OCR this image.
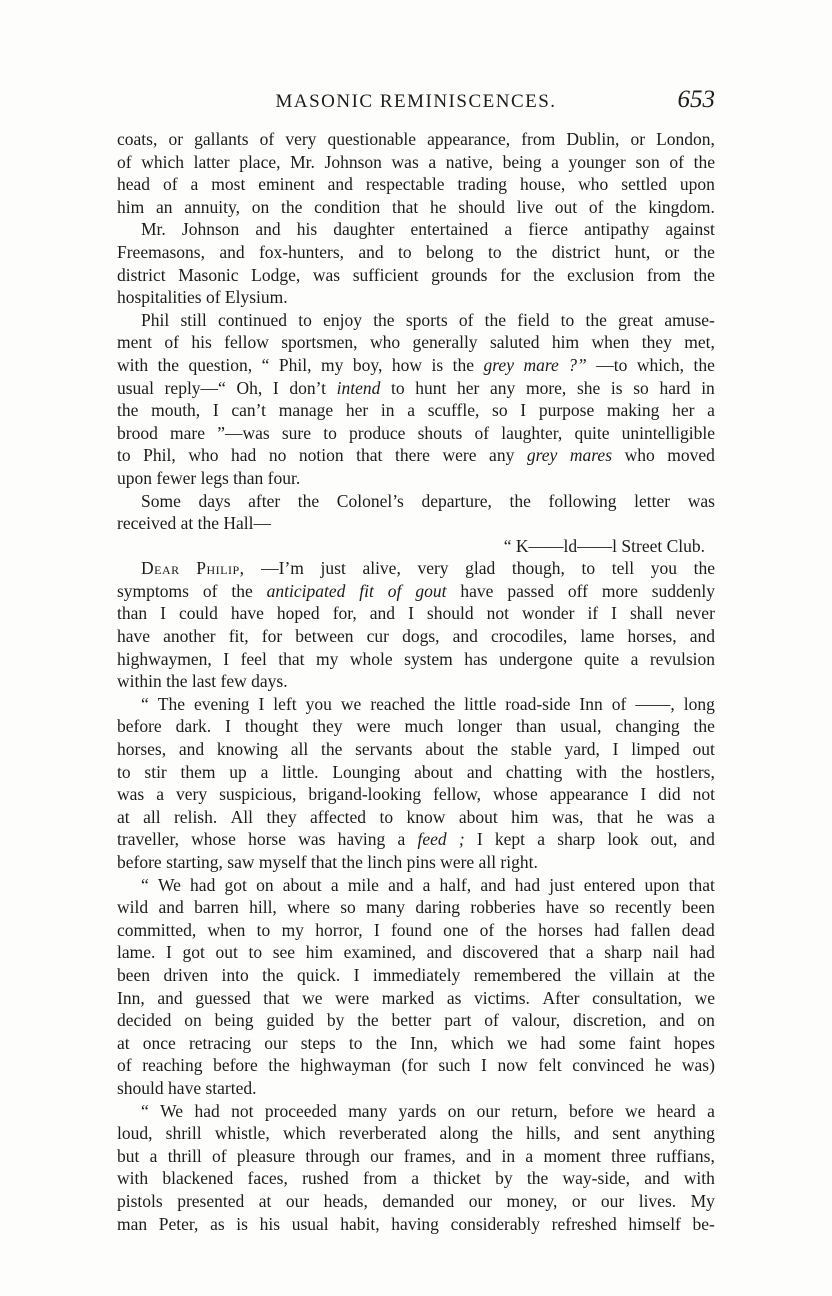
MASONIC REMINISCENCES.	653
coats, or gallants of very questionable appearance, from Dublin, or London,
of which latter place, Mr. Johnson was a native, being a younger son of the
head of a most eminent and respectable trading house, who settled upon
him an annuity, on the condition that he should live out of the kingdom.
Mr. Johnson and his daughter entertained a fierce antipathy against
Freemasons, and fox-hunters, and to belong to the district hunt, or the
district Masonic Lodge, was sufficient grounds for the exclusion from the
hospitalities of Elysium.
Phil still continued to enjoy the sports of the field to the great amuse-
ment of his fellow sportsmen, who generally saluted him when they met,
with the question, “ Phil, my boy, how is the grey mare ?” —to which, the
usual reply—“ Oh, I don’t intend to hunt her any more, she is so hard in
the mouth, I can’t manage her in a scuffle, so I purpose making her a
brood mare ”—was sure to produce shouts of laughter, quite unintelligible
to Phil, who had no notion that there were any grey mares who moved
upon fewer legs than four.
Some days after the Colonel’s departure, the following letter was
received at the Hall—
“ K——ld——l Street Club.
Dear Philip, —I’m just alive, very glad though, to tell you the
symptoms of the anticipated fit of gout have passed off more suddenly
than I could have hoped for, and I should not wonder if I shall never
have another fit, for between cur dogs, and crocodiles, lame horses, and
highwaymen, I feel that my whole system has undergone quite a revulsion
within the last few days.
“ The evening I left you we reached the little road-side Inn of ——, long
before dark. I thought they were much longer than usual, changing the
horses, and knowing all the servants about the stable yard, I limped out
to stir them up a little. Lounging about and chatting with the hostlers,
was a very suspicious, brigand-looking fellow, whose appearance I did not
at all relish. All they affected to know about him was, that he was a
traveller, whose horse was having a feed ; I kept a sharp look out, and
before starting, saw myself that the linch pins were all right.
“ We had got on about a mile and a half, and had just entered upon that
wild and barren hill, where so many daring robberies have so recently been
committed, when to my horror, I found one of the horses had fallen dead
lame. I got out to see him examined, and discovered that a sharp nail had
been driven into the quick. I immediately remembered the villain at the
Inn, and guessed that we were marked as victims. After consultation, we
decided on being guided by the better part of valour, discretion, and on
at once retracing our steps to the Inn, which we had some faint hopes
of reaching before the highwayman (for such I now felt convinced he was)
should have started.
“ We had not proceeded many yards on our return, before we heard a
loud, shrill whistle, which reverberated along the hills, and sent anything
but a thrill of pleasure through our frames, and in a moment three ruffians,
with blackened faces, rushed from a thicket by the way-side, and with
pistols presented at our heads, demanded our money, or our lives. My
man Peter, as is his usual habit, having considerably refreshed himself be-
